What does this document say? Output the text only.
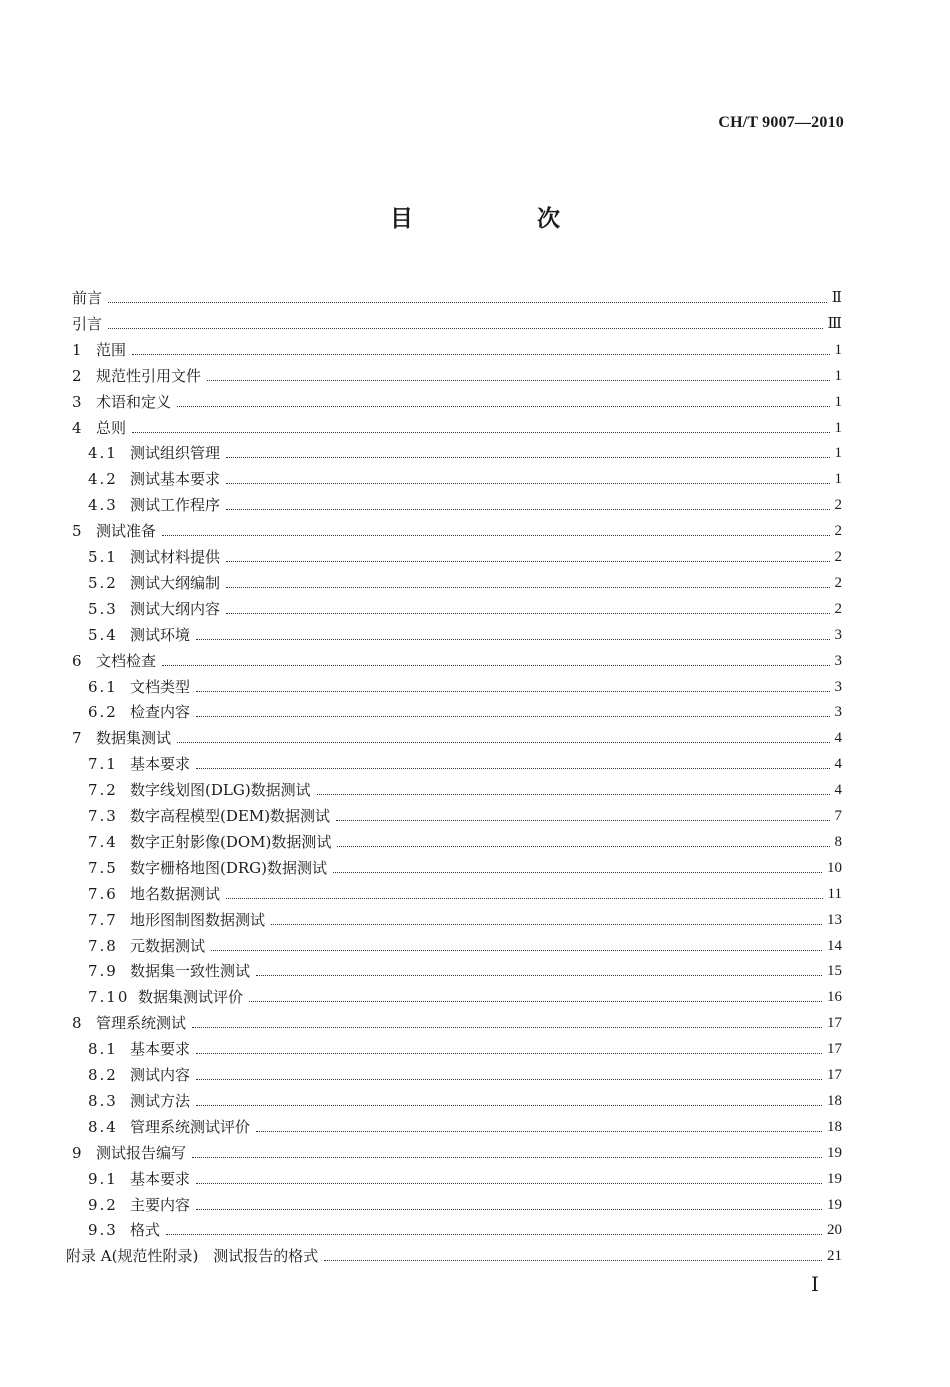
CH/T 9007—2010
目 次
前言	Ⅱ
引言	Ⅲ
1 范围	1
2 规范性引用文件	1
3 术语和定义	1
4 总则	1
4.1 测试组织管理	1
4.2 测试基本要求	1
4.3 测试工作程序	2
5 测试准备	2
5.1 测试材料提供	2
5.2 测试大纲编制	2
5.3 测试大纲内容	2
5.4 测试环境	3
6 文档检查	3
6.1 文档类型	3
6.2 检查内容	3
7 数据集测试	4
7.1 基本要求	4
7.2 数字线划图(DLG)数据测试	4
7.3 数字高程模型(DEM)数据测试	7
7.4 数字正射影像(DOM)数据测试	8
7.5 数字栅格地图(DRG)数据测试	10
7.6 地名数据测试	11
7.7 地形图制图数据测试	13
7.8 元数据测试	14
7.9 数据集一致性测试	15
7.10 数据集测试评价	16
8 管理系统测试	17
8.1 基本要求	17
8.2 测试内容	17
8.3 测试方法	18
8.4 管理系统测试评价	18
9 测试报告编写	19
9.1 基本要求	19
9.2 主要内容	19
9.3 格式	20
附录 A(规范性附录)　测试报告的格式	21
Ⅰ
